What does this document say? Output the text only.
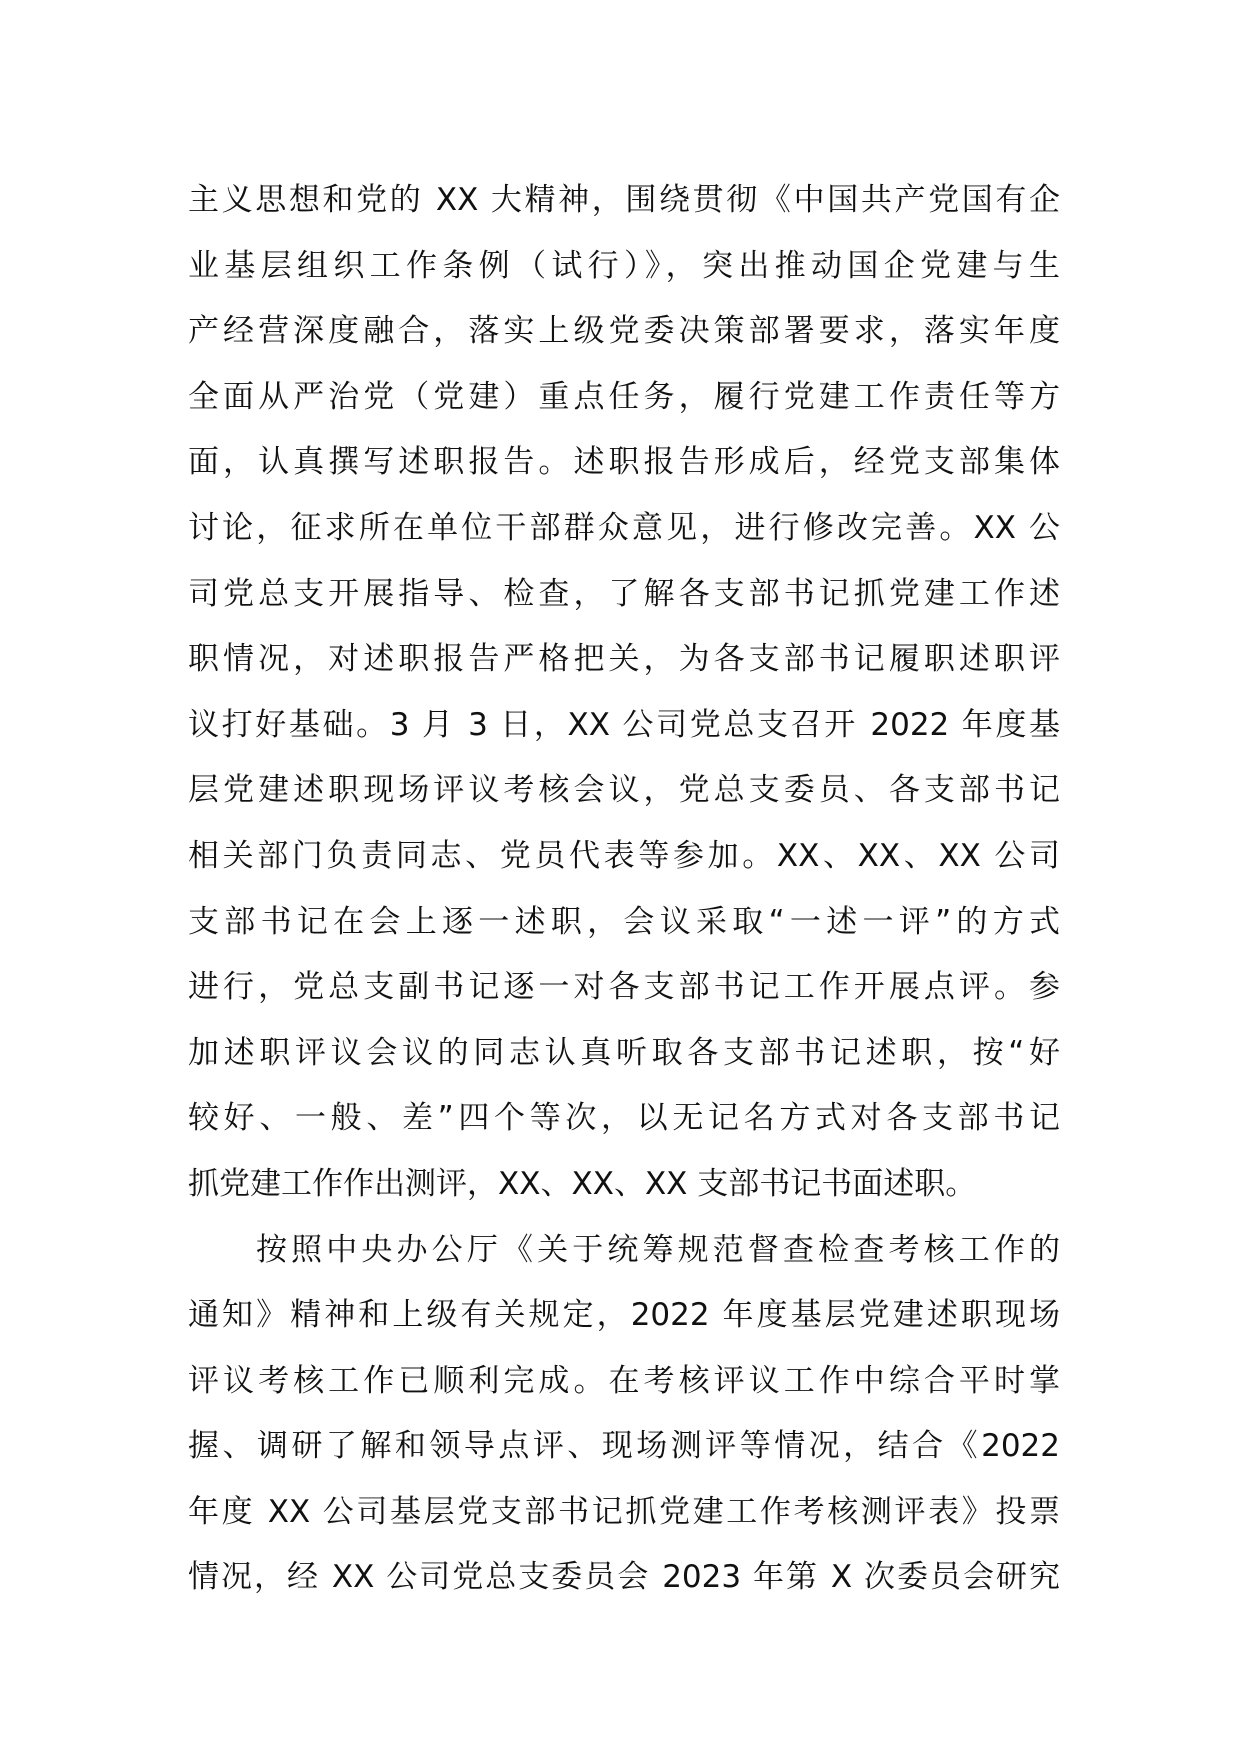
主义思想和党的 XX 大精神，围绕贯彻《中国共产党国有企
业基层组织工作条例（试行）》，突出推动国企党建与生
产经营深度融合，落实上级党委决策部署要求，落实年度
全面从严治党（党建）重点任务，履行党建工作责任等方
面，认真撰写述职报告。述职报告形成后，经党支部集体
讨论，征求所在单位干部群众意见，进行修改完善。XX 公
司党总支开展指导、检查，了解各支部书记抓党建工作述
职情况，对述职报告严格把关，为各支部书记履职述职评
议打好基础。3 月 3 日，XX 公司党总支召开 2022 年度基
层党建述职现场评议考核会议，党总支委员、各支部书记
相关部门负责同志、党员代表等参加。XX、XX、XX 公司
支部书记在会上逐一述职，会议采取“一述一评”的方式
进行，党总支副书记逐一对各支部书记工作开展点评。参
加述职评议会议的同志认真听取各支部书记述职，按“好
较好、一般、差”四个等次，以无记名方式对各支部书记
抓党建工作作出测评，XX、XX、XX 支部书记书面述职。
按照中央办公厅《关于统筹规范督查检查考核工作的
通知》精神和上级有关规定，2022 年度基层党建述职现场
评议考核工作已顺利完成。在考核评议工作中综合平时掌
握、调研了解和领导点评、现场测评等情况，结合《2022
年度 XX 公司基层党支部书记抓党建工作考核测评表》投票
情况，经 XX 公司党总支委员会 2023 年第 X 次委员会研究
